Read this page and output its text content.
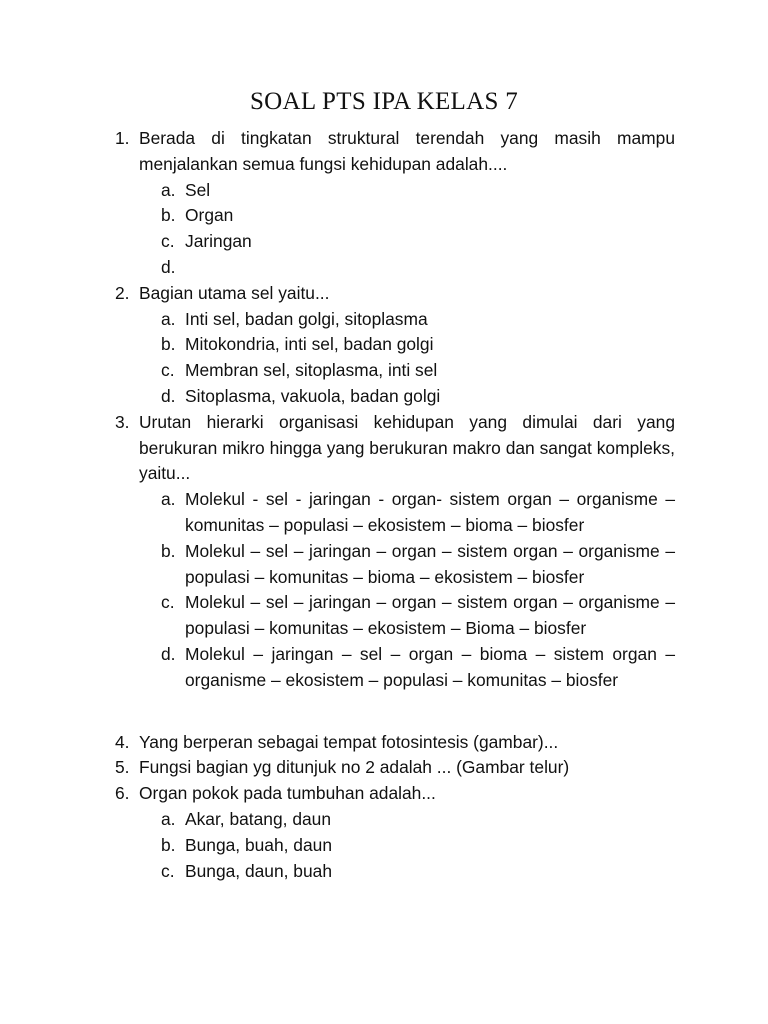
SOAL PTS IPA KELAS 7
1. Berada di tingkatan struktural terendah yang masih mampu menjalankan semua fungsi kehidupan adalah....
a. Sel
b. Organ
c. Jaringan
d.

2. Bagian utama sel yaitu...
a. Inti sel, badan golgi, sitoplasma
b. Mitokondria, inti sel, badan golgi
c. Membran sel, sitoplasma, inti sel
d. Sitoplasma, vakuola, badan golgi
3. Urutan hierarki organisasi kehidupan yang dimulai dari yang berukuran mikro hingga yang berukuran makro dan sangat kompleks, yaitu...
a. Molekul - sel - jaringan - organ- sistem organ – organisme – komunitas – populasi – ekosistem – bioma – biosfer
b. Molekul – sel – jaringan – organ – sistem organ – organisme – populasi – komunitas – bioma – ekosistem – biosfer
c. Molekul – sel – jaringan – organ – sistem organ – organisme – populasi – komunitas – ekosistem – Bioma – biosfer
d. Molekul – jaringan – sel – organ – bioma – sistem organ – organisme – ekosistem – populasi – komunitas – biosfer
4. Yang berperan sebagai tempat fotosintesis (gambar)...
5. Fungsi bagian yg ditunjuk no 2 adalah ... (Gambar telur)
6. Organ pokok pada tumbuhan adalah...
a. Akar, batang, daun
b. Bunga, buah, daun
c. Bunga, daun, buah
